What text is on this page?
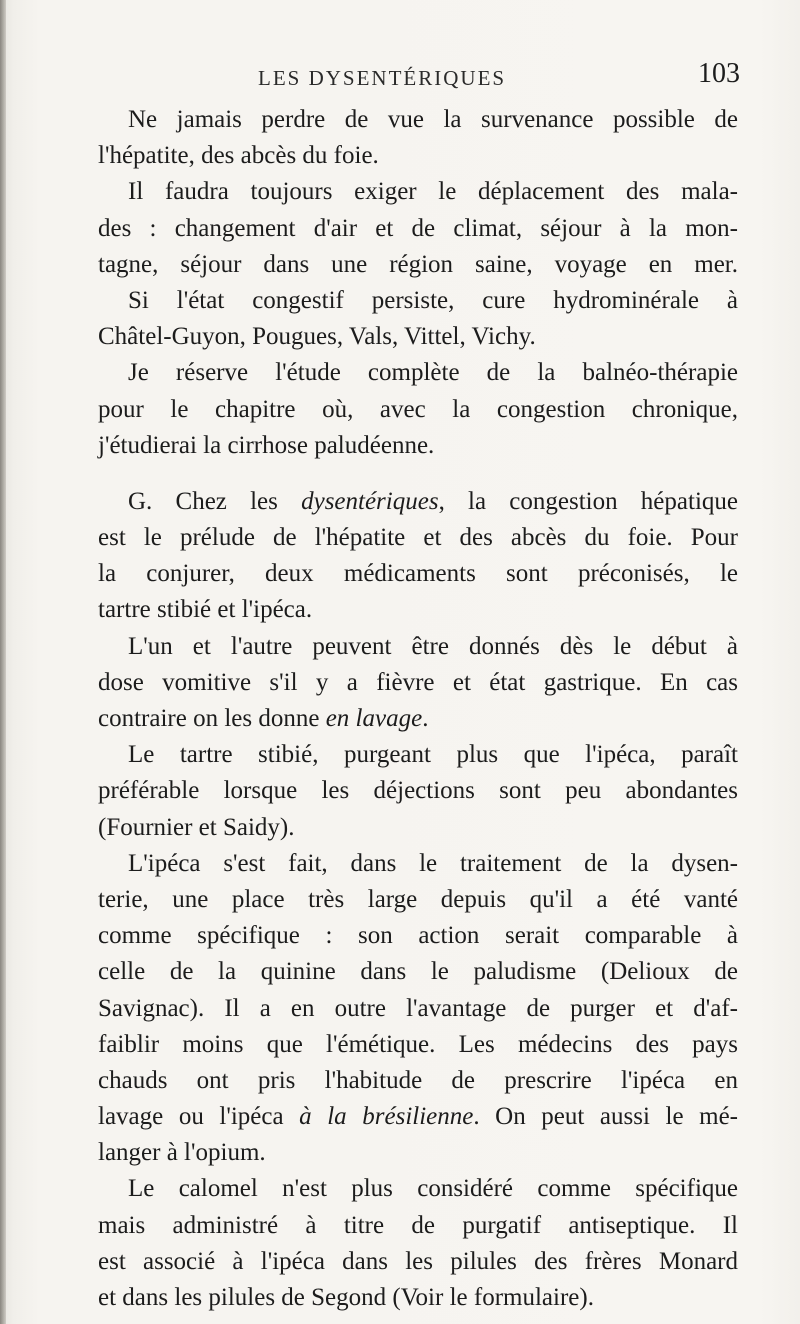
LES DYSENTÉRIQUES	103
Ne jamais perdre de vue la survenance possible de
l'hépatite, des abcès du foie.
Il faudra toujours exiger le déplacement des mala-
des : changement d'air et de climat, séjour à la mon-
tagne, séjour dans une région saine, voyage en mer.
Si l'état congestif persiste, cure hydrominérale à
Châtel-Guyon, Pougues, Vals, Vittel, Vichy.
Je réserve l'étude complète de la balnéo-thérapie
pour le chapitre où, avec la congestion chronique,
j'étudierai la cirrhose paludéenne.
G. Chez les dysentériques, la congestion hépatique
est le prélude de l'hépatite et des abcès du foie. Pour
la conjurer, deux médicaments sont préconisés, le
tartre stibié et l'ipéca.
L'un et l'autre peuvent être donnés dès le début à
dose vomitive s'il y a fièvre et état gastrique. En cas
contraire on les donne en lavage.
Le tartre stibié, purgeant plus que l'ipéca, paraît
préférable lorsque les déjections sont peu abondantes
(Fournier et Saidy).
L'ipéca s'est fait, dans le traitement de la dysen-
terie, une place très large depuis qu'il a été vanté
comme spécifique : son action serait comparable à
celle de la quinine dans le paludisme (Delioux de
Savignac). Il a en outre l'avantage de purger et d'af-
faiblir moins que l'émétique. Les médecins des pays
chauds ont pris l'habitude de prescrire l'ipéca en
lavage ou l'ipéca à la brésilienne. On peut aussi le mé-
langer à l'opium.
Le calomel n'est plus considéré comme spécifique
mais administré à titre de purgatif antiseptique. Il
est associé à l'ipéca dans les pilules des frères Monard
et dans les pilules de Segond (Voir le formulaire).
